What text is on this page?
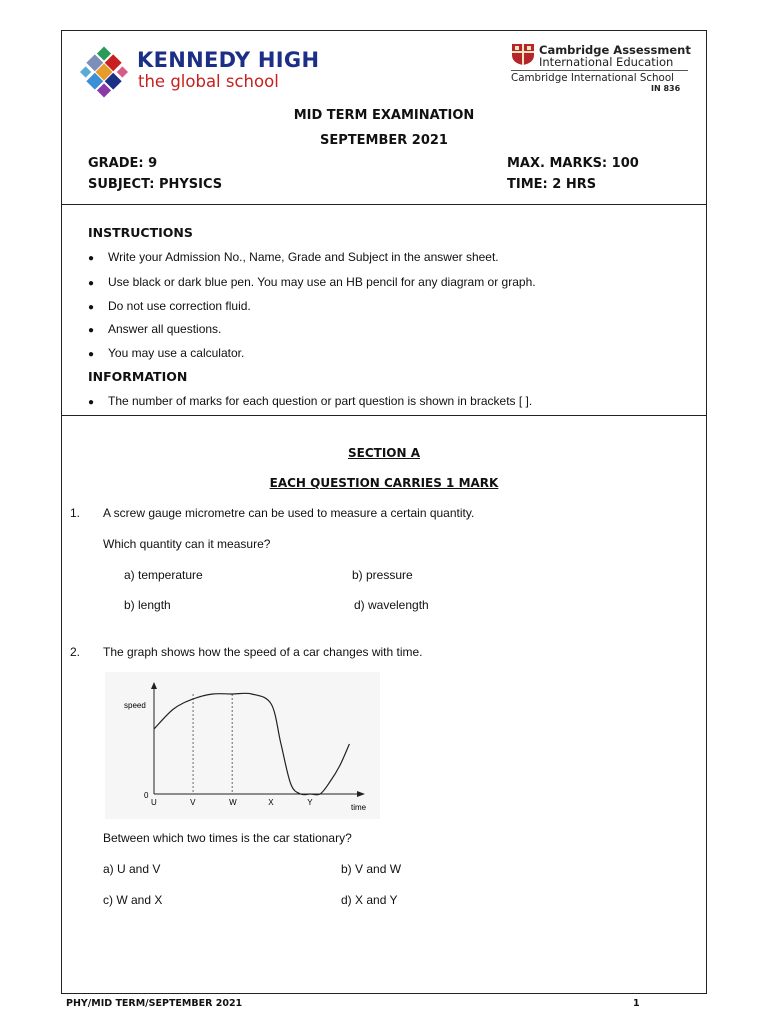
KENNEDY HIGH
the global school
Cambridge Assessment
International Education
Cambridge International School
IN 836
MID TERM EXAMINATION
SEPTEMBER 2021
GRADE: 9
SUBJECT: PHYSICS
MAX. MARKS: 100
TIME: 2 HRS
INSTRUCTIONS
● Write your Admission No., Name, Grade and Subject in the answer sheet.
● Use black or dark blue pen. You may use an HB pencil for any diagram or graph.
● Do not use correction fluid.
● Answer all questions.
● You may use a calculator.
INFORMATION
● The number of marks for each question or part question is shown in brackets [ ].
SECTION A
EACH QUESTION CARRIES 1 MARK
1. A screw gauge micrometre can be used to measure a certain quantity.
Which quantity can it measure?
a) temperature	b) pressure
b) length	d) wavelength
2. The graph shows how the speed of a car changes with time.
speed
time
0
U	V	W	X	Y
Between which two times is the car stationary?
a) U and V	b) V and W
c) W and X	d) X and Y
PHY/MID TERM/SEPTEMBER 2021	1
